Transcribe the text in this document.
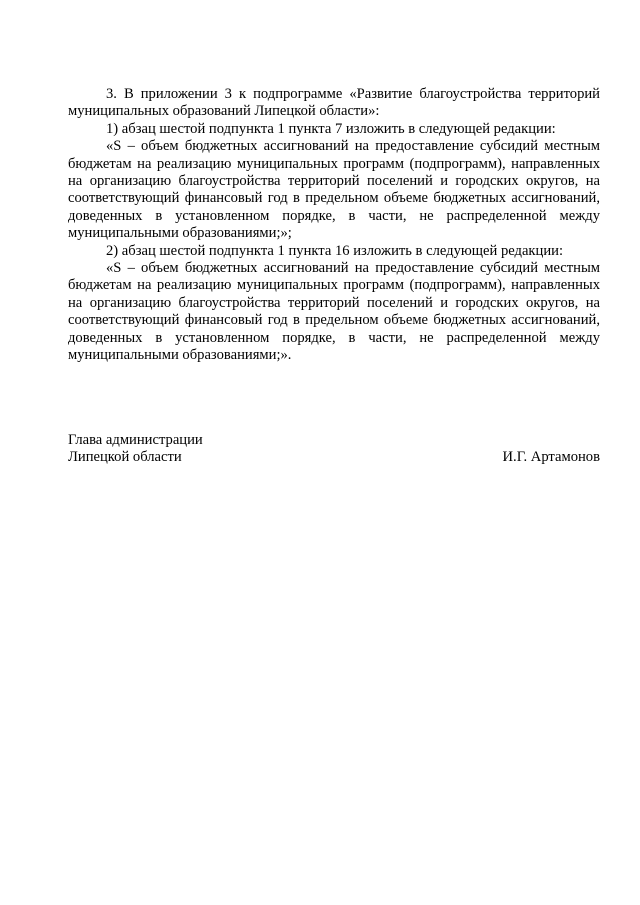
3. В приложении 3 к подпрограмме «Развитие благоустройства территорий муниципальных образований Липецкой области»:

1) абзац шестой подпункта 1 пункта 7 изложить в следующей редакции:

«S – объем бюджетных ассигнований на предоставление субсидий местным бюджетам на реализацию муниципальных программ (подпрограмм), направленных на организацию благоустройства территорий поселений и городских округов, на соответствующий финансовый год в предельном объеме бюджетных ассигнований, доведенных в установленном порядке, в части, не распределенной между муниципальными образованиями;»;

2) абзац шестой подпункта 1 пункта 16 изложить в следующей редакции:

«S – объем бюджетных ассигнований на предоставление субсидий местным бюджетам на реализацию муниципальных программ (подпрограмм), направленных на организацию благоустройства территорий поселений и городских округов, на соответствующий финансовый год в предельном объеме бюджетных ассигнований, доведенных в установленном порядке, в части, не распределенной между муниципальными образованиями;».

Глава администрации
Липецкой области	И.Г. Артамонов
